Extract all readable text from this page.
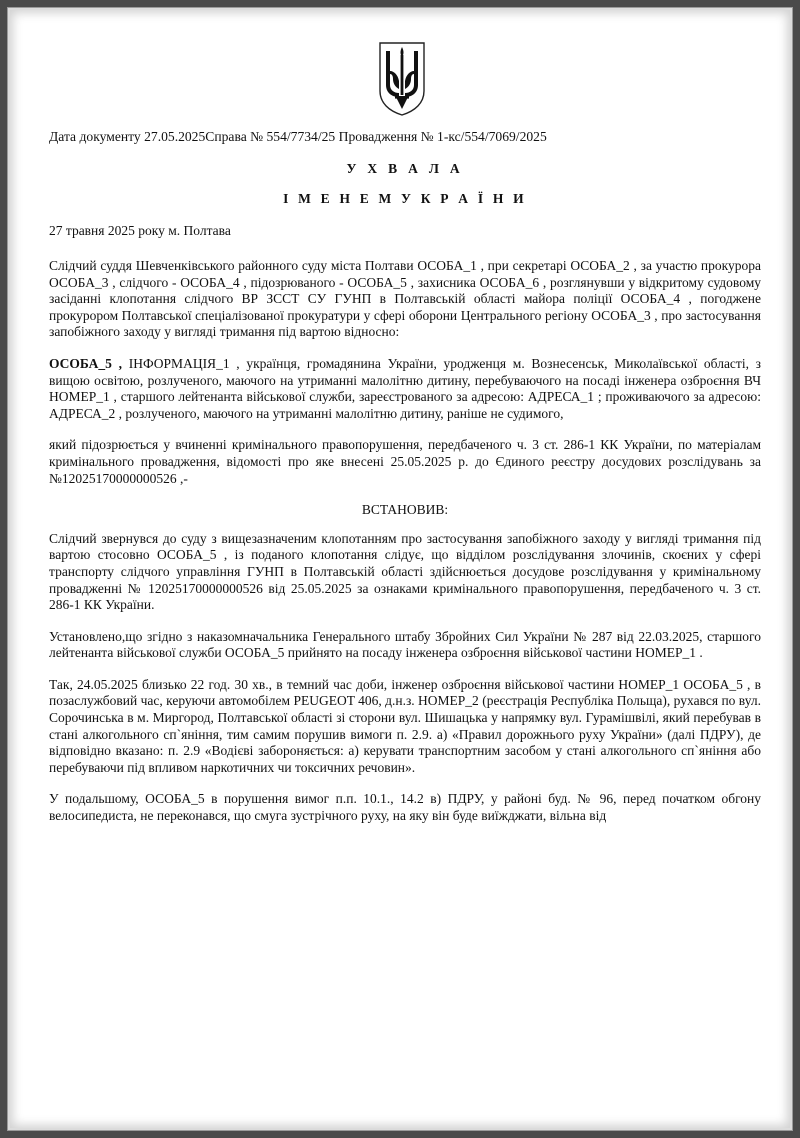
Дата документу 27.05.2025Справа № 554/7734/25 Провадження № 1-кс/554/7069/2025
У Х В А Л А
І М Е Н Е М У К Р А Ї Н И
27 травня 2025 року м. Полтава

Слідчий суддя Шевченківського районного суду міста Полтави ОСОБА_1 , при секретарі ОСОБА_2 , за участю прокурора ОСОБА_3 , слідчого - ОСОБА_4 , підозрюваного - ОСОБА_5 , захисника ОСОБА_6 , розглянувши у відкритому судовому засіданні клопотання слідчого ВР ЗССТ СУ ГУНП в Полтавській області майора поліції ОСОБА_4 , погоджене прокурором Полтавської спеціалізованої прокуратури у сфері оборони Центрального регіону ОСОБА_3 , про застосування запобіжного заходу у вигляді тримання під вартою відносно:

ОСОБА_5 , ІНФОРМАЦІЯ_1 , українця, громадянина України, уродженця м. Вознесенськ, Миколаївської області, з вищою освітою, розлученого, маючого на утриманні малолітню дитину, перебуваючого на посаді інженера озброєння ВЧ НОМЕР_1 , старшого лейтенанта військової служби, зареєстрованого за адресою: АДРЕСА_1 ; проживаючого за адресою: АДРЕСА_2 , розлученого, маючого на утриманні малолітню дитину, раніше не судимого,

який підозрюється у вчиненні кримінального правопорушення, передбаченого ч. 3 ст. 286-1 КК України, по матеріалам кримінального провадження, відомості про яке внесені 25.05.2025 р. до Єдиного реєстру досудових розслідувань за №12025170000000526 ,-

ВСТАНОВИВ:

Слідчий звернувся до суду з вищезазначеним клопотанням про застосування запобіжного заходу у вигляді тримання під вартою стосовно ОСОБА_5 , із поданого клопотання слідує, що відділом розслідування злочинів, скоєних у сфері транспорту слідчого управління ГУНП в Полтавській області здійснюється досудове розслідування у кримінальному провадженні № 12025170000000526 від 25.05.2025 за ознаками кримінального правопорушення, передбаченого ч. 3 ст. 286-1 КК України.

Установлено,що згідно з наказомначальника Генерального штабу Збройних Сил України № 287 від 22.03.2025, старшого лейтенанта військової служби ОСОБА_5 прийнято на посаду інженера озброєння військової частини НОМЕР_1 .

Так, 24.05.2025 близько 22 год. 30 хв., в темний час доби, інженер озброєння військової частини НОМЕР_1 ОСОБА_5 , в позаслужбовий час, керуючи автомобілем PEUGEOT 406, д.н.з. НОМЕР_2 (реєстрація Республіка Польща), рухався по вул. Сорочинська в м. Миргород, Полтавської області зі сторони вул. Шишацька у напрямку вул. Гурамішвілі, який перебував в стані алкогольного сп`яніння, тим самим порушив вимоги п. 2.9. а) «Правил дорожнього руху України» (далі ПДРУ), де відповідно вказано: п. 2.9 «Водієві забороняється: а) керувати транспортним засобом у стані алкогольного сп`яніння або перебуваючи під впливом наркотичних чи токсичних речовин».

У подальшому, ОСОБА_5 в порушення вимог п.п. 10.1., 14.2 в) ПДРУ, у районі буд. № 96, перед початком обгону велосипедиста, не переконався, що смуга зустрічного руху, на яку він буде виїжджати, вільна від
